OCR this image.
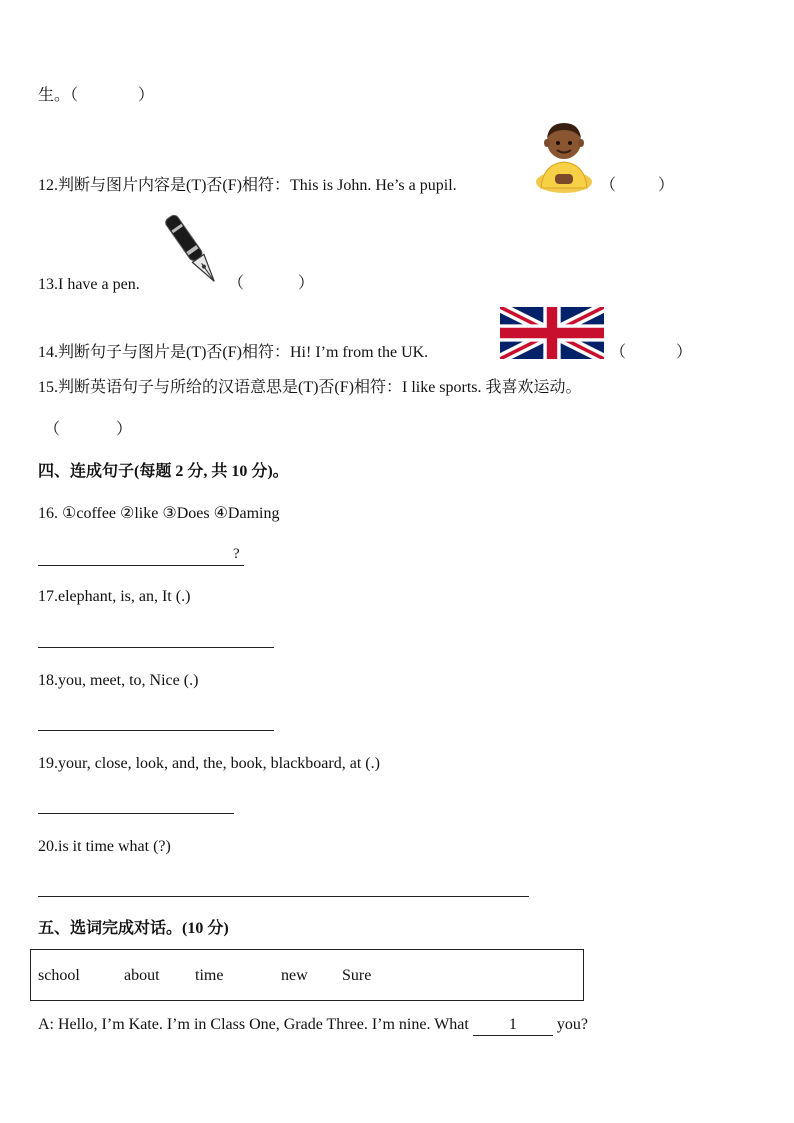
生。（	）
12.判断与图片内容是(T)否(F)相符：This is John. He’s a pupil.	（	）
13.I have a pen.	（	）
14.判断句子与图片是(T)否(F)相符：Hi! I’m from the UK.	（	）
15.判断英语句子与所给的汉语意思是(T)否(F)相符：I like sports. 我喜欢运动。
（	）
四、连成句子(每题 2 分, 共 10 分)。
16. ①coffee ②like ③Does ④Daming
?
17.elephant, is, an, It (.)
18.you, meet, to, Nice (.)
19.your, close, look, and, the, book, blackboard, at (.)
20.is it time what (?)
五、选词完成对话。(10 分)
school	about time	new Sure
A: Hello, I’m Kate. I’m in Class One, Grade Three. I’m nine. What	1	you?
